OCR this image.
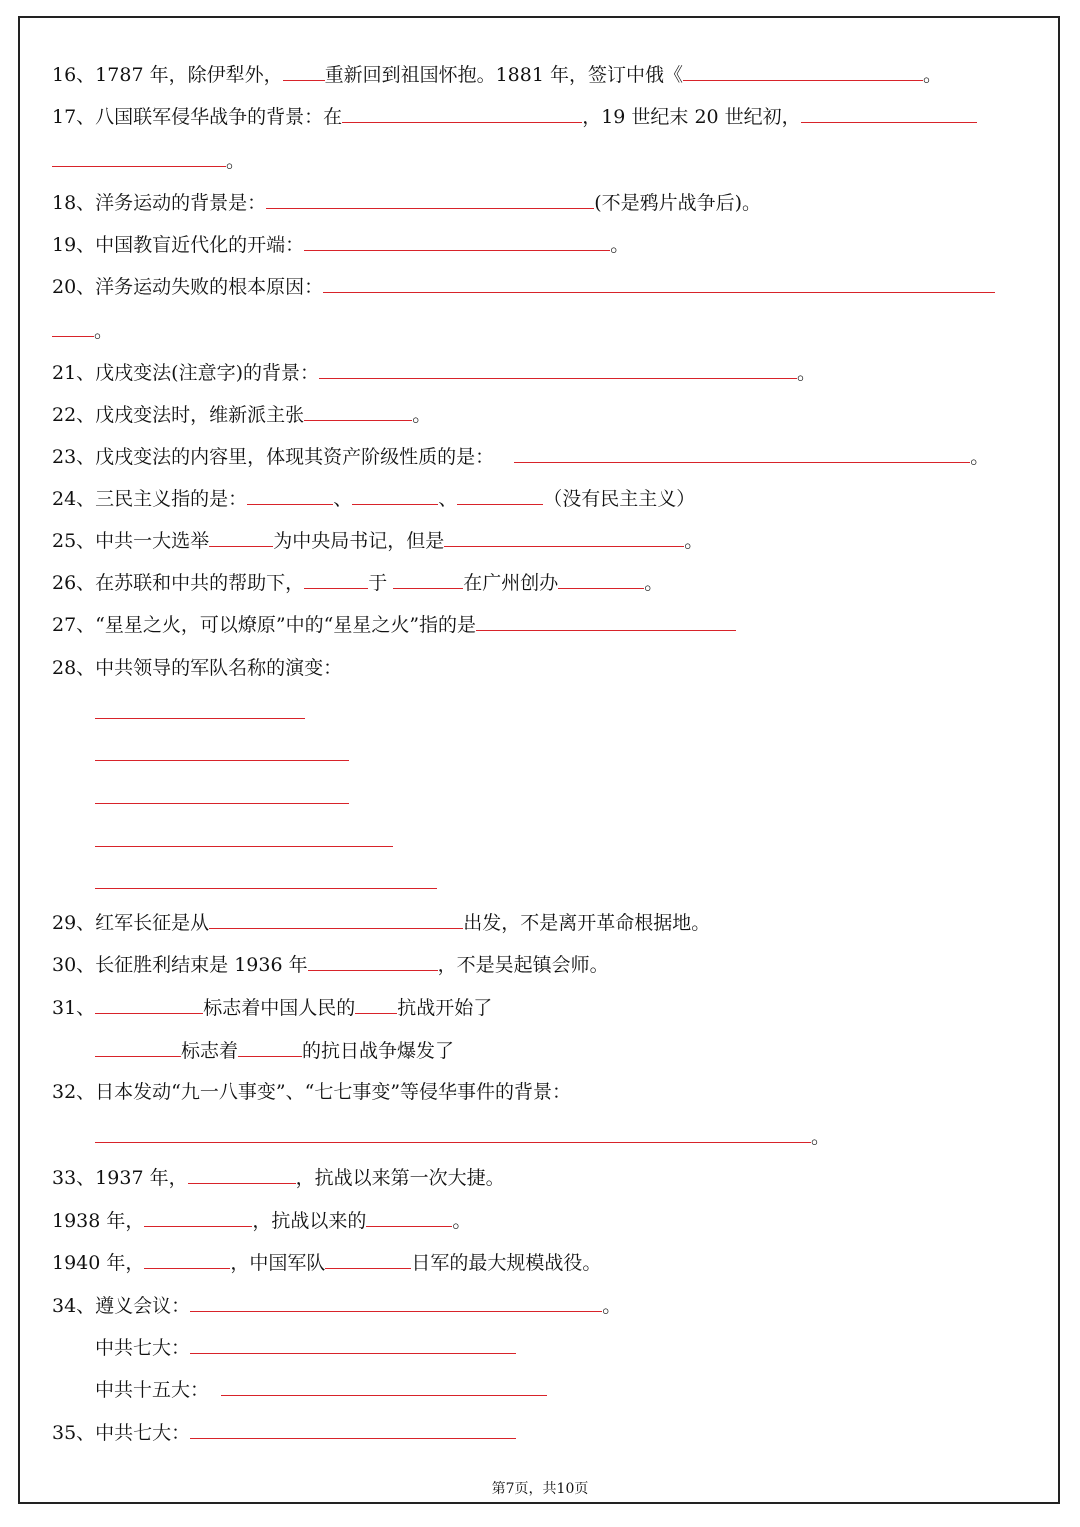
16、1787 年，除伊犁外， 重新回到祖国怀抱。1881 年，签订中俄《	。
17、八国联军侵华战争的背景：在	，19 世纪末 20 世纪初，
。
18、洋务运动的背景是：	(不是鸦片战争后)。
19、中国教盲近代化的开端：	。
20、洋务运动失败的根本原因：
。
21、戊戌变法(注意字)的背景：	。
22、戊戌变法时，维新派主张	。
23、戊戌变法的内容里，体现其资产阶级性质的是：	。
24、三民主义指的是：	、	、	（没有民主主义）
25、中共一大选举	为中央局书记，但是	。
26、在苏联和中共的帮助下，	于	在广州创办	。
27、“星星之火，可以燎原”中的“星星之火”指的是
28、中共领导的军队名称的演变：
29、红军长征是从	出发，不是离开革命根据地。
30、长征胜利结束是 1936 年	，不是吴起镇会师。
31、	标志着中国人民的 抗战开始了
标志着	的抗日战争爆发了
32、日本发动“九一八事变”、“七七事变”等侵华事件的背景：
。
33、1937 年，	，抗战以来第一次大捷。
1938 年，	，抗战以来的	。
1940 年，	，中国军队	日军的最大规模战役。
34、遵义会议：	。
中共七大：
中共十五大：
35、中共七大：
第7页，共10页
